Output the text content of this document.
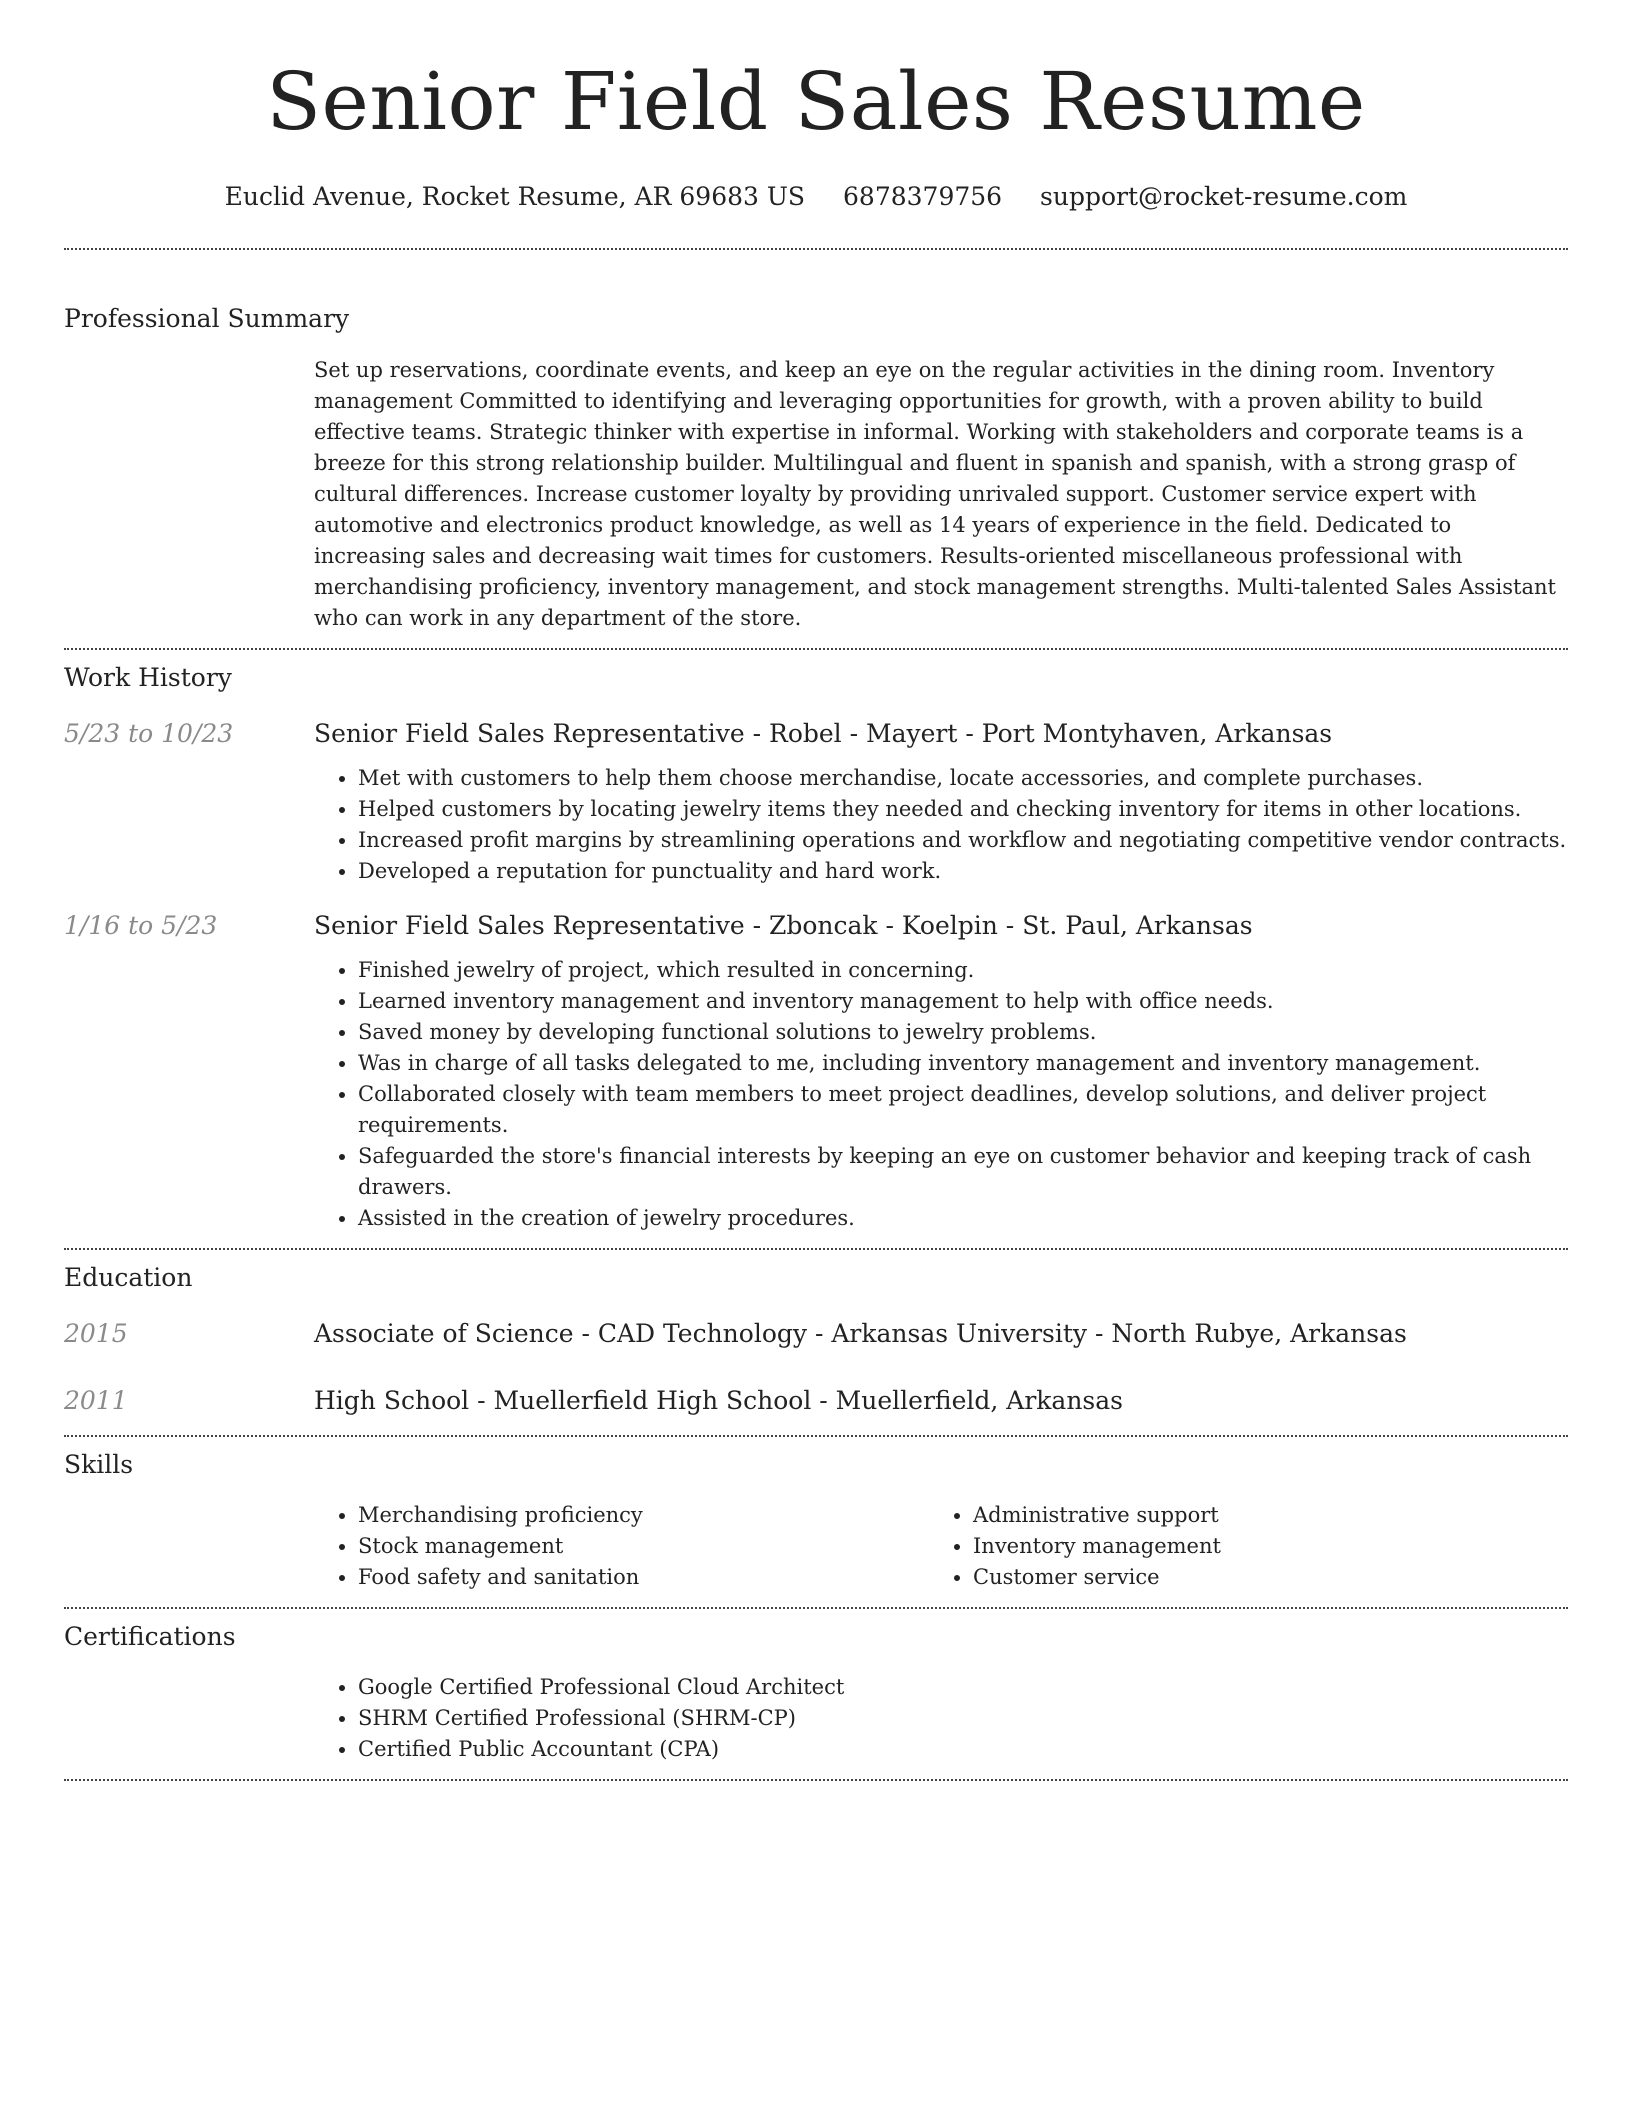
Senior Field Sales Resume
Euclid Avenue, Rocket Resume, AR 69683 US 6878379756 support@rocket-resume.com
Professional Summary

Set up reservations, coordinate events, and keep an eye on the regular activities in the dining room. Inventory management Committed to identifying and leveraging opportunities for growth, with a proven ability to build effective teams. Strategic thinker with expertise in informal. Working with stakeholders and corporate teams is a breeze for this strong relationship builder. Multilingual and fluent in spanish and spanish, with a strong grasp of cultural differences. Increase customer loyalty by providing unrivaled support. Customer service expert with automotive and electronics product knowledge, as well as 14 years of experience in the field. Dedicated to increasing sales and decreasing wait times for customers. Results-oriented miscellaneous professional with merchandising proficiency, inventory management, and stock management strengths. Multi-talented Sales Assistant who can work in any department of the store.

Work History
5/23 to 10/23	Senior Field Sales Representative - Robel - Mayert - Port Montyhaven, Arkansas
• Met with customers to help them choose merchandise, locate accessories, and complete purchases.
• Helped customers by locating jewelry items they needed and checking inventory for items in other locations.
• Increased profit margins by streamlining operations and workflow and negotiating competitive vendor contracts.
• Developed a reputation for punctuality and hard work.
1/16 to 5/23	Senior Field Sales Representative - Zboncak - Koelpin - St. Paul, Arkansas
• Finished jewelry of project, which resulted in concerning.
• Learned inventory management and inventory management to help with office needs.
• Saved money by developing functional solutions to jewelry problems.
• Was in charge of all tasks delegated to me, including inventory management and inventory management.
• Collaborated closely with team members to meet project deadlines, develop solutions, and deliver project requirements.
• Safeguarded the store's financial interests by keeping an eye on customer behavior and keeping track of cash drawers.
• Assisted in the creation of jewelry procedures.
Education
2015	Associate of Science - CAD Technology - Arkansas University - North Rubye, Arkansas
2011	High School - Muellerfield High School - Muellerfield, Arkansas
Skills
• Merchandising proficiency
• Stock management
• Food safety and sanitation
• Administrative support
• Inventory management
• Customer service
Certifications
• Google Certified Professional Cloud Architect
• SHRM Certified Professional (SHRM-CP)
• Certified Public Accountant (CPA)
